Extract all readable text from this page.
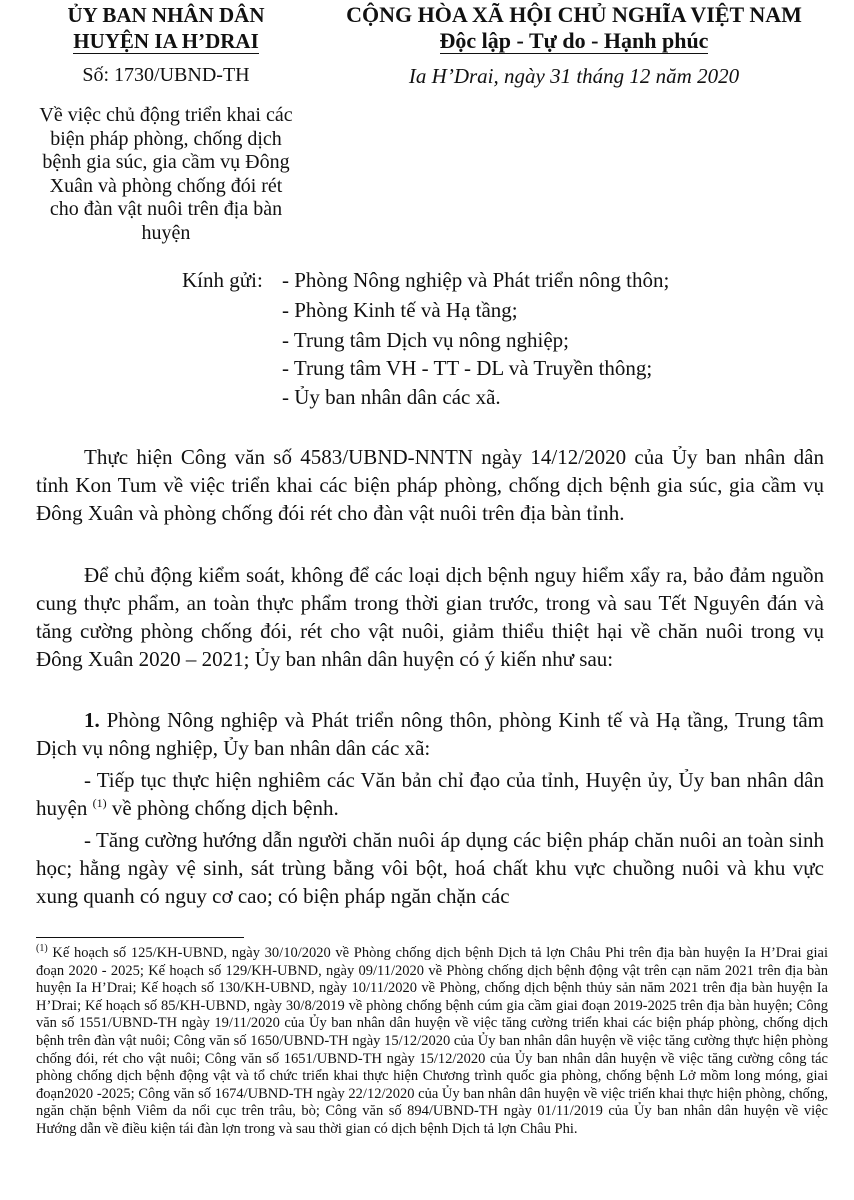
ỦY BAN NHÂN DÂN
HUYỆN IA H’DRAI
CỘNG HÒA XÃ HỘI CHỦ NGHĨA VIỆT NAM
Độc lập - Tự do - Hạnh phúc
Số: 1730/UBND-TH	Ia H’Drai, ngày 31 tháng 12 năm 2020
Về việc chủ động triển khai các biện pháp phòng, chống dịch bệnh gia súc, gia cầm vụ Đông Xuân và phòng chống đói rét cho đàn vật nuôi trên địa bàn huyện
Kính gửi: - Phòng Nông nghiệp và Phát triển nông thôn;
- Phòng Kinh tế và Hạ tầng;
- Trung tâm Dịch vụ nông nghiệp;
- Trung tâm VH - TT - DL và Truyền thông;
- Ủy ban nhân dân các xã.
Thực hiện Công văn số 4583/UBND-NNTN ngày 14/12/2020 của Ủy ban nhân dân tỉnh Kon Tum về việc triển khai các biện pháp phòng, chống dịch bệnh gia súc, gia cầm vụ Đông Xuân và phòng chống đói rét cho đàn vật nuôi trên địa bàn tỉnh.
Để chủ động kiểm soát, không để các loại dịch bệnh nguy hiểm xẩy ra, bảo đảm nguồn cung thực phẩm, an toàn thực phẩm trong thời gian trước, trong và sau Tết Nguyên đán và tăng cường phòng chống đói, rét cho vật nuôi, giảm thiểu thiệt hại về chăn nuôi trong vụ Đông Xuân 2020 – 2021; Ủy ban nhân dân huyện có ý kiến như sau:
1. Phòng Nông nghiệp và Phát triển nông thôn, phòng Kinh tế và Hạ tầng, Trung tâm Dịch vụ nông nghiệp, Ủy ban nhân dân các xã:
- Tiếp tục thực hiện nghiêm các Văn bản chỉ đạo của tỉnh, Huyện ủy, Ủy ban nhân dân huyện $^{(1)}$ về phòng chống dịch bệnh.
- Tăng cường hướng dẫn người chăn nuôi áp dụng các biện pháp chăn nuôi an toàn sinh học; hằng ngày vệ sinh, sát trùng bằng vôi bột, hoá chất khu vực chuồng nuôi và khu vực xung quanh có nguy cơ cao; có biện pháp ngăn chặn các
$^{(1)}$ Kế hoạch số 125/KH-UBND, ngày 30/10/2020 về Phòng chống dịch bệnh Dịch tả lợn Châu Phi trên địa bàn huyện Ia H’Drai giai đoạn 2020 - 2025; Kế hoạch số 129/KH-UBND, ngày 09/11/2020 về Phòng chống dịch bệnh động vật trên cạn năm 2021 trên địa bàn huyện Ia H’Drai; Kế hoạch số 130/KH-UBND, ngày 10/11/2020 về Phòng, chống dịch bệnh thủy sản năm 2021 trên địa bàn huyện Ia H’Drai; Kế hoạch số 85/KH-UBND, ngày 30/8/2019 về phòng chống bệnh cúm gia cầm giai đoạn 2019-2025 trên địa bàn huyện; Công văn số 1551/UBND-TH ngày 19/11/2020 của Ủy ban nhân dân huyện về việc tăng cường triển khai các biện pháp phòng, chống dịch bệnh trên đàn vật nuôi; Công văn số 1650/UBND-TH ngày 15/12/2020 của Ủy ban nhân dân huyện về việc tăng cường thực hiện phòng chống đói, rét cho vật nuôi; Công văn số 1651/UBND-TH ngày 15/12/2020 của Ủy ban nhân dân huyện về việc tăng cường công tác phòng chống dịch bệnh động vật và tổ chức triển khai thực hiện Chương trình quốc gia phòng, chống bệnh Lở mồm long móng, giai đoạn2020 -2025; Công văn số 1674/UBND-TH ngày 22/12/2020 của Ủy ban nhân dân huyện về việc triển khai thực hiện phòng, chống, ngăn chặn bệnh Viêm da nổi cục trên trâu, bò; Công văn số 894/UBND-TH ngày 01/11/2019 của Ủy ban nhân dân huyện về việc Hướng dẫn về điều kiện tái đàn lợn trong và sau thời gian có dịch bệnh Dịch tả lợn Châu Phi.
